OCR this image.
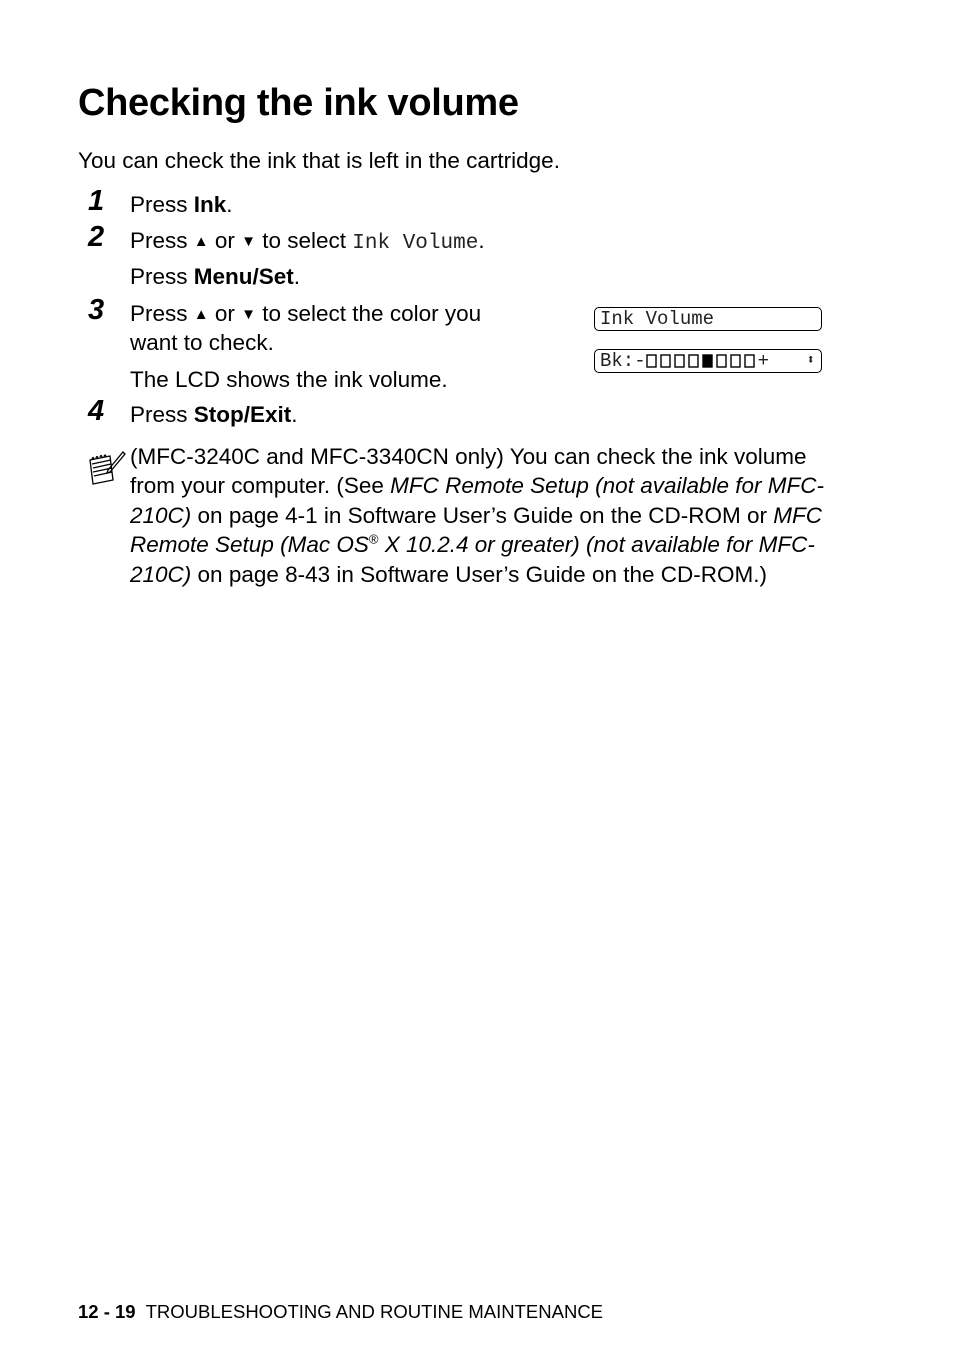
Checking the ink volume
You can check the ink that is left in the cartridge.
1 Press Ink.
2 Press ▲ or ▼ to select Ink Volume.
Press Menu/Set.
3 Press ▲ or ▼ to select the color you
want to check.
The LCD shows the ink volume.
Ink Volume
Bk:-	+	⬍
4 Press Stop/Exit.
(MFC-3240C and MFC-3340CN only) You can check the ink volume from your computer. (See MFC Remote Setup (not available for MFC-210C) on page 4-1 in Software User’s Guide on the CD-ROM or MFC Remote Setup (Mac OS® X 10.2.4 or greater) (not available for MFC-210C) on page 8-43 in Software User’s Guide on the CD-ROM.)
12 - 19 TROUBLESHOOTING AND ROUTINE MAINTENANCE
